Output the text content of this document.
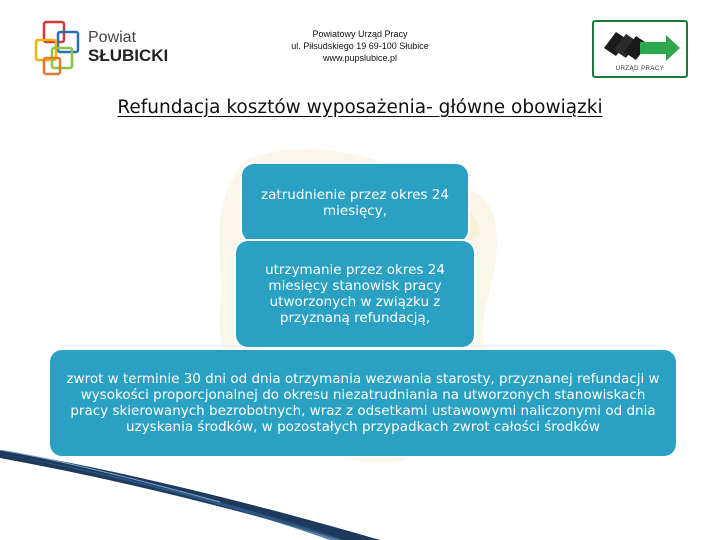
Powiat
SŁUBICKI
Powiatowy Urząd Pracy
ul. Piłsudskiego 19 69-100 Słubice
www.pupslubice.pl
URZĄD PRACY
Refundacja kosztów wyposażenia- główne obowiązki
zatrudnienie przez okres 24 miesięcy,
utrzymanie przez okres 24 miesięcy stanowisk pracy utworzonych w związku z przyznaną refundacją,
zwrot w terminie 30 dni od dnia otrzymania wezwania starosty, przyznanej refundacji w wysokości proporcjonalnej do okresu niezatrudniania na utworzonych stanowiskach pracy skierowanych bezrobotnych, wraz z odsetkami ustawowymi naliczonymi od dnia uzyskania środków, w pozostałych przypadkach zwrot całości środków
